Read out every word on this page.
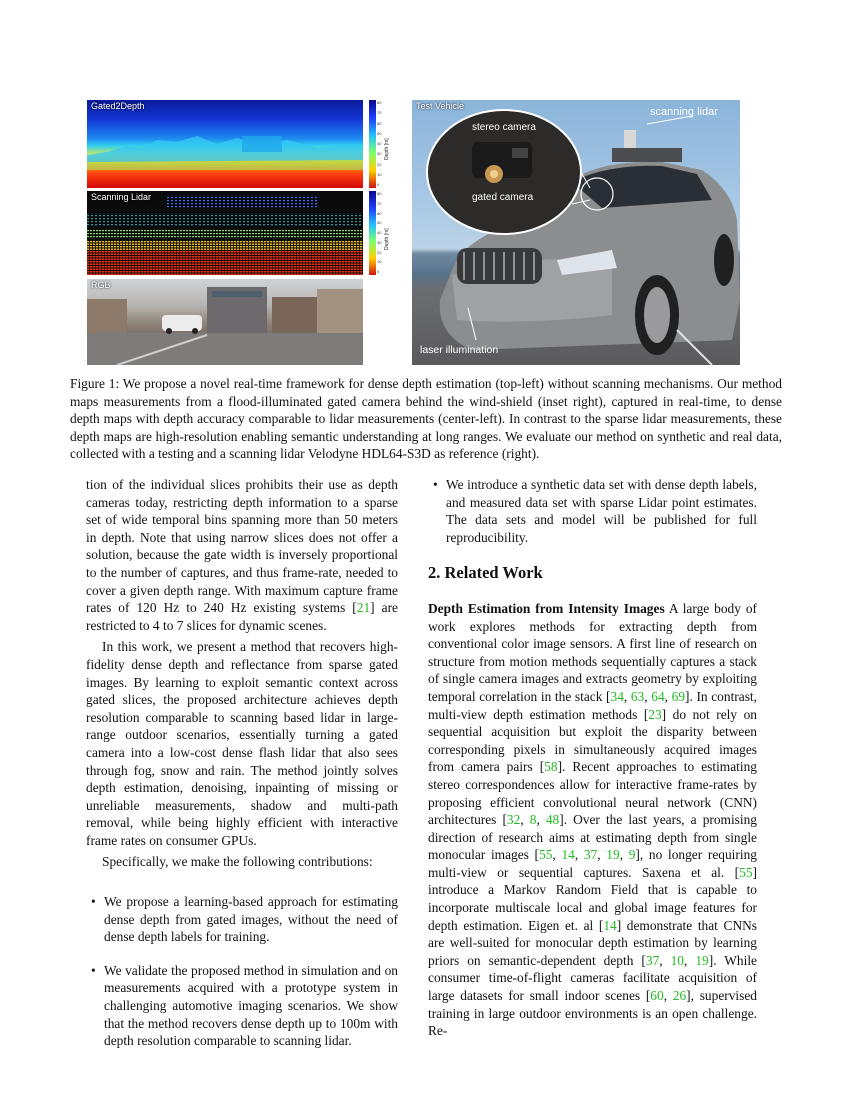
Gated2Depth
Depth [m]
Scanning Lidar
Depth [m]
RGB
Test Vehicle	scanning lidar
stereo camera
gated camera
laser illumination

Figure 1: We propose a novel real-time framework for dense depth estimation (top-left) without scanning mechanisms. Our method maps measurements from a flood-illuminated gated camera behind the wind-shield (inset right), captured in real-time, to dense depth maps with depth accuracy comparable to lidar measurements (center-left). In contrast to the sparse lidar measurements, these depth maps are high-resolution enabling semantic understanding at long ranges. We evaluate our method on synthetic and real data, collected with a testing and a scanning lidar Velodyne HDL64-S3D as reference (right).

tion of the individual slices prohibits their use as depth cameras today, restricting depth information to a sparse set of wide temporal bins spanning more than 50 meters in depth. Note that using narrow slices does not offer a solution, because the gate width is inversely proportional to the number of captures, and thus frame-rate, needed to cover a given depth range. With maximum capture frame rates of 120 Hz to 240 Hz existing systems [21] are restricted to 4 to 7 slices for dynamic scenes.

In this work, we present a method that recovers high-fidelity dense depth and reflectance from sparse gated images. By learning to exploit semantic context across gated slices, the proposed architecture achieves depth resolution comparable to scanning based lidar in large-range outdoor scenarios, essentially turning a gated camera into a low-cost dense flash lidar that also sees through fog, snow and rain. The method jointly solves depth estimation, denoising, inpainting of missing or unreliable measurements, shadow and multi-path removal, while being highly efficient with interactive frame rates on consumer GPUs.

Specifically, we make the following contributions:

• We propose a learning-based approach for estimating dense depth from gated images, without the need of dense depth labels for training.

• We validate the proposed method in simulation and on measurements acquired with a prototype system in challenging automotive imaging scenarios. We show that the method recovers dense depth up to 100m with depth resolution comparable to scanning lidar.

• We introduce a synthetic data set with dense depth labels, and measured data set with sparse Lidar point estimates. The data sets and model will be published for full reproducibility.

2. Related Work

Depth Estimation from Intensity Images A large body of work explores methods for extracting depth from conventional color image sensors. A first line of research on structure from motion methods sequentially captures a stack of single camera images and extracts geometry by exploiting temporal correlation in the stack [34, 63, 64, 69]. In contrast, multi-view depth estimation methods [23] do not rely on sequential acquisition but exploit the disparity between corresponding pixels in simultaneously acquired images from camera pairs [58]. Recent approaches to estimating stereo correspondences allow for interactive frame-rates by proposing efficient convolutional neural network (CNN) architectures [32, 8, 48]. Over the last years, a promising direction of research aims at estimating depth from single monocular images [55, 14, 37, 19, 9], no longer requiring multi-view or sequential captures. Saxena et al. [55] introduce a Markov Random Field that is capable to incorporate multiscale local and global image features for depth estimation. Eigen et. al [14] demonstrate that CNNs are well-suited for monocular depth estimation by learning priors on semantic-dependent depth [37, 10, 19]. While consumer time-of-flight cameras facilitate acquisition of large datasets for small indoor scenes [60, 26], supervised training in large outdoor environments is an open challenge. Re-

80
70
60
50
40
30
20
10
0
80
70
60
50
40
30
20
10
0
